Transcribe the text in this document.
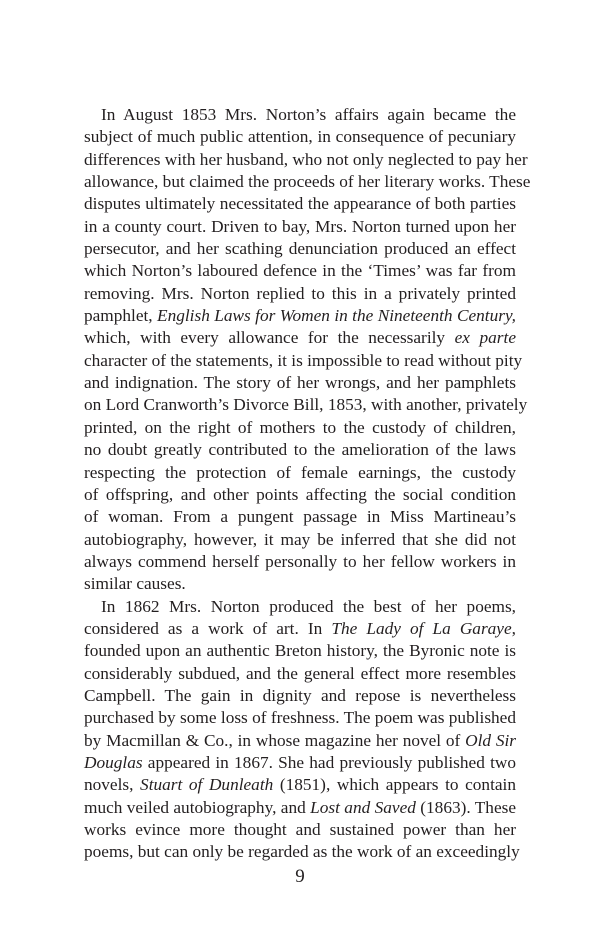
In August 1853 Mrs. Norton’s affairs again became the
subject of much public attention, in consequence of pecuniary
differences with her husband, who not only neglected to pay her
allowance, but claimed the proceeds of her literary works. These
disputes ultimately necessitated the appearance of both parties
in a county court. Driven to bay, Mrs. Norton turned upon her
persecutor, and her scathing denunciation produced an effect
which Norton’s laboured defence in the ‘Times’ was far from
removing. Mrs. Norton replied to this in a privately printed
pamphlet, English Laws for Women in the Nineteenth Century,
which, with every allowance for the necessarily ex parte
character of the statements, it is impossible to read without pity
and indignation. The story of her wrongs, and her pamphlets
on Lord Cranworth’s Divorce Bill, 1853, with another, privately
printed, on the right of mothers to the custody of children,
no doubt greatly contributed to the amelioration of the laws
respecting the protection of female earnings, the custody
of offspring, and other points affecting the social condition
of woman. From a pungent passage in Miss Martineau’s
autobiography, however, it may be inferred that she did not
always commend herself personally to her fellow workers in
similar causes.
In 1862 Mrs. Norton produced the best of her poems,
considered as a work of art. In The Lady of La Garaye,
founded upon an authentic Breton history, the Byronic note is
considerably subdued, and the general effect more resembles
Campbell. The gain in dignity and repose is nevertheless
purchased by some loss of freshness. The poem was published
by Macmillan & Co., in whose magazine her novel of Old Sir
Douglas appeared in 1867. She had previously published two
novels, Stuart of Dunleath (1851), which appears to contain
much veiled autobiography, and Lost and Saved (1863). These
works evince more thought and sustained power than her
poems, but can only be regarded as the work of an exceedingly
9
